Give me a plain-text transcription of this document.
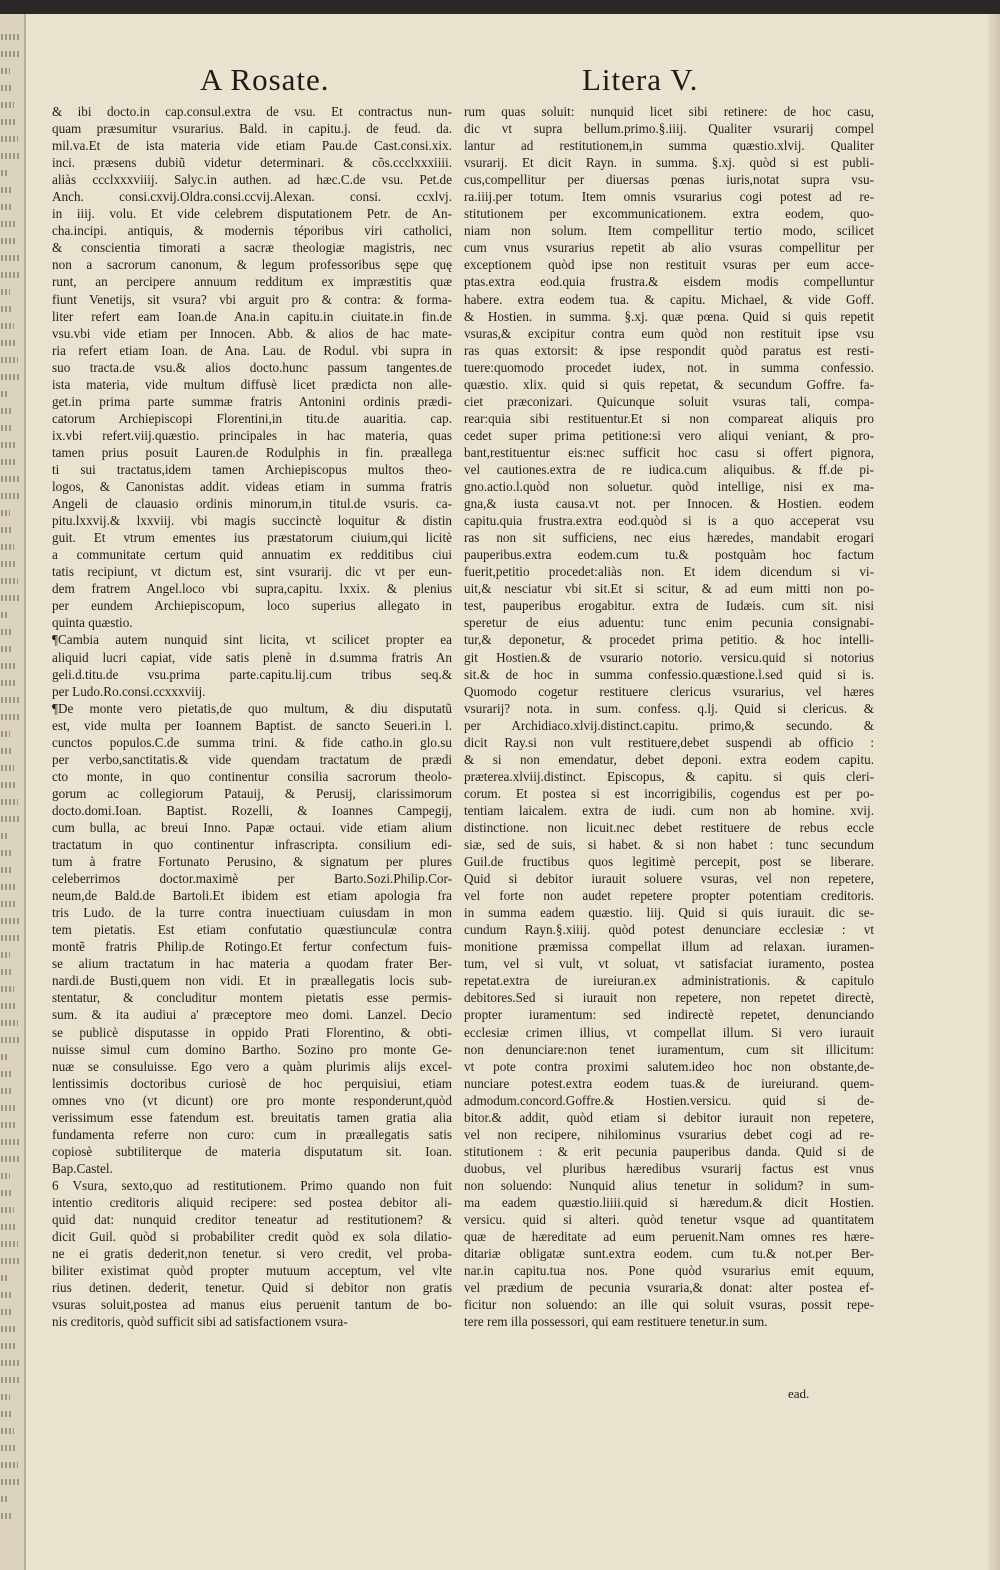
A Rosate.	Litera V.
& ibi docto.in cap.consul.extra de vsu. Et contractus nun-
quam præsumitur vsurarius. Bald. in capitu.j. de feud. da.
mil.va.Et de ista materia vide etiam Pau.de Cast.consi.xix.
inci. præsens dubiũ videtur determinari. & cõs.ccclxxxiiii.
aliàs ccclxxxviiij. Salyc.in authen. ad hæc.C.de vsu. Pet.de
Anch. consi.cxvij.Oldra.consi.ccvij.Alexan. consi. ccxlvj.
in iiij. volu. Et vide celebrem disputationem Petr. de An-
cha.incipi. antiquis, & modernis téporibus viri catholici,
& conscientia timorati a sacræ theologiæ magistris, nec
non a sacrorum canonum, & legum professoribus sępe quę
runt, an percipere annuum redditum ex impræstitis quæ
fiunt Venetijs, sit vsura? vbi arguit pro & contra: & forma-
liter refert eam Ioan.de Ana.in capitu.in ciuitate.in fin.de
vsu.vbi vide etiam per Innocen. Abb. & alios de hac mate-
ria refert etiam Ioan. de Ana. Lau. de Rodul. vbi supra in
suo tracta.de vsu.& alios docto.hunc passum tangentes.de
ista materia, vide multum diffusè licet prædicta non alle-
get.in prima parte summæ fratris Antonini ordinis prædi-
catorum Archiepiscopi Florentini,in titu.de auaritia. cap.
ix.vbi refert.viij.quæstio. principales in hac materia, quas
tamen prius posuit Lauren.de Rodulphis in fin. præallega
ti sui tractatus,idem tamen Archiepiscopus multos theo-
logos, & Canonistas addit. videas etiam in summa fratris
Angeli de clauasio ordinis minorum,in titul.de vsuris. ca-
pitu.lxxvij.& lxxviij. vbi magis succinctè loquitur & distin
guit. Et vtrum ementes ius præstatorum ciuium,qui licitè
a communitate certum quid annuatim ex redditibus ciui
tatis recipiunt, vt dictum est, sint vsurarij. dic vt per eun-
dem fratrem Angel.loco vbi supra,capitu. lxxix. & plenius
per eundem Archiepiscopum, loco superius allegato in
quinta quæstio.
¶Cambia autem nunquid sint licita, vt scilicet propter ea
aliquid lucri capiat, vide satis plenè in d.summa fratris An
geli.d.titu.de vsu.prima parte.capitu.lij.cum tribus seq.&
per Ludo.Ro.consi.ccxxxviij.
¶De monte vero pietatis,de quo multum, & diu disputatũ
est, vide multa per Ioannem Baptist. de sancto Seueri.in l.
cunctos populos.C.de summa trini. & fide catho.in glo.su
per verbo,sanctitatis.& vide quendam tractatum de prædi
cto monte, in quo continentur consilia sacrorum theolo-
gorum ac collegiorum Patauij, & Perusij, clarissimorum
docto.domi.Ioan. Baptist. Rozelli, & Ioannes Campegij,
cum bulla, ac breui Inno. Papæ octaui. vide etiam alium
tractatum in quo continentur infrascripta. consilium edi-
tum à fratre Fortunato Perusino, & signatum per plures
celeberrimos doctor.maximè per Barto.Sozi.Philip.Cor-
neum,de Bald.de Bartoli.Et ibidem est etiam apologia fra
tris Ludo. de la turre contra inuectiuam cuiusdam in mon
tem pietatis. Est etiam confutatio quæstiunculæ contra
montẽ fratris Philip.de Rotingo.Et fertur confectum fuis-
se alium tractatum in hac materia a quodam frater Ber-
nardi.de Busti,quem non vidi. Et in præallegatis locis sub-
stentatur, & concluditur montem pietatis esse permis-
sum. & ita audiui a' præceptore meo domi. Lanzel. Decio
se publicè disputasse in oppido Prati Florentino, & obti-
nuisse simul cum domino Bartho. Sozino pro monte Ge-
nuæ se consuluisse. Ego vero a quàm plurimis alijs excel-
lentissimis doctoribus curiosè de hoc perquisiui, etiam
omnes vno (vt dicunt) ore pro monte responderunt,quòd
verissimum esse fatendum est. breuitatis tamen gratia alia
fundamenta referre non curo: cum in præallegatis satis
copiosè subtiliterque de materia disputatum sit. Ioan.
Bap.Castel.
6 Vsura, sexto,quo ad restitutionem. Primo quando non fuit
intentio creditoris aliquid recipere: sed postea debitor ali-
quid dat: nunquid creditor teneatur ad restitutionem? &
dicit Guil. quòd si probabiliter credit quòd ex sola dilatio-
ne ei gratis dederit,non tenetur. si vero credit, vel proba-
biliter existimat quòd propter mutuum acceptum, vel vltе
rius detinen. dederit, tenetur. Quid si debitor non gratis
vsuras soluit,postea ad manus eius peruenit tantum de bo-
nis creditoris, quòd sufficit sibi ad satisfactionem vsura-
rum quas soluit: nunquid licet sibi retinere: de hoc casu,
dic vt supra bellum.primo.§.iiij. Qualiter vsurarij compel
lantur ad restitutionem,in summa quæstio.xlvij. Qualiter
vsurarij. Et dicit Rayn. in summa. §.xj. quòd si est publi-
cus,compellitur per diuersas pœnas iuris,notat supra vsu-
ra.iiij.per totum. Item omnis vsurarius cogi potest ad re-
stitutionem per excommunicationem. extra eodem, quo-
niam non solum. Item compellitur tertio modo, scilicet
cum vnus vsurarius repetit ab alio vsuras compellitur per
exceptionem quòd ipse non restituit vsuras per eum acce-
ptas.extra eod.quia frustra.& eisdem modis compelluntur
habere. extra eodem tua. & capitu. Michael, & vide Goff.
& Hostien. in summa. §.xj. quæ pœna. Quid si quis repetit
vsuras,& excipitur contra eum quòd non restituit ipse vsu
ras quas extorsit: & ipse respondit quòd paratus est resti-
tuere:quomodo procedet iudex, not. in summa confessio.
quæstio. xlix. quid si quis repetat, & secundum Goffre. fa-
ciet præconizari. Quicunque soluit vsuras tali, compa-
rear:quia sibi restituentur.Et si non compareat aliquis pro
cedet super prima petitione:si vero aliqui veniant, & pro-
bant,restituentur eis:nec sufficit hoc casu si offert pignora,
vel cautiones.extra de re iudica.cum aliquibus. & ff.de pi-
gno.actio.l.quòd non soluetur. quòd intellige, nisi ex ma-
gna,& iusta causa.vt not. per Innocen. & Hostien. eodem
capitu.quia frustra.extra eod.quòd si is a quo acceperat vsu
ras non sit sufficiens, nec eius hæredes, mandabit erogari
pauperibus.extra eodem.cum tu.& postquàm hoc factum
fuerit,petitio procedet:aliàs non. Et idem dicendum si vi-
uit,& nesciatur vbi sit.Et si scitur, & ad eum mitti non po-
test, pauperibus erogabitur. extra de Iudæis. cum sit. nisi
speretur de eius aduentu: tunc enim pecunia consignabi-
tur,& deponetur, & procedet prima petitio. & hoc intelli-
git Hostien.& de vsurario notorio. versicu.quid si notorius
sit.& de hoc in summa confessio.quæstione.l.sed quid si is.
Quomodo cogetur restituere clericus vsurarius, vel hæres
vsurarij? nota. in sum. confess. q.lj. Quid si clericus. &
per Archidiaco.xlvij.distinct.capitu. primo,& secundo. &
dicit Ray.si non vult restituere,debet suspendi ab officio :
& si non emendatur, debet deponi. extra eodem capitu.
præterea.xlviij.distinct. Episcopus, & capitu. si quis cleri-
corum. Et postea si est incorrigibilis, cogendus est per po-
tentiam laicalem. extra de iudi. cum non ab homine. xvij.
distinctione. non licuit.nec debet restituere de rebus eccle
siæ, sed de suis, si habet. & si non habet : tunc secundum
Guil.de fructibus quos legitimè percepit, post se liberare.
Quid si debitor iurauit soluere vsuras, vel non repetere,
vel forte non audet repetere propter potentiam creditoris.
in summa eadem quæstio. liij. Quid si quis iurauit. dic se-
cundum Rayn.§.xiiij. quòd potest denunciare ecclesiæ : vt
monitione præmissa compellat illum ad relaxan. iuramen-
tum, vel si vult, vt soluat, vt satisfaciat iuramento, postea
repetat.extra de iureiuran.ex administrationis. & capitulo
debitores.Sed si iurauit non repetere, non repetet directè,
propter iuramentum: sed indirectè repetet, denunciando
ecclesiæ crimen illius, vt compellat illum. Si vero iurauit
non denunciare:non tenet iuramentum, cum sit illicitum:
vt pote contra proximi salutem.ideo hoc non obstante,de-
nunciare potest.extra eodem tuas.& de iureiurand. quem-
admodum.concord.Goffre.& Hostien.versicu. quid si de-
bitor.& addit, quòd etiam si debitor iurauit non repetere,
vel non recipere, nihilominus vsurarius debet cogi ad re-
stitutionem : & erit pecunia pauperibus danda. Quid si de
duobus, vel pluribus hæredibus vsurarij factus est vnus
non soluendo: Nunquid alius tenetur in solidum? in sum-
ma eadem quæstio.liiii.quid si hæredum.& dicit Hostien.
versicu. quid si alteri. quòd tenetur vsque ad quantitatem
quæ de hæreditate ad eum peruenit.Nam omnes res hære-
ditariæ obligatæ sunt.extra eodem. cum tu.& not.per Ber-
nar.in capitu.tua nos. Pone quòd vsurarius emit equum,
vel prædium de pecunia vsuraria,& donat: alter postea ef-
ficitur non soluendo: an ille qui soluit vsuras, possit repe-
tere rem illa possessori, qui eam restituere tenetur.in sum.
ead.
